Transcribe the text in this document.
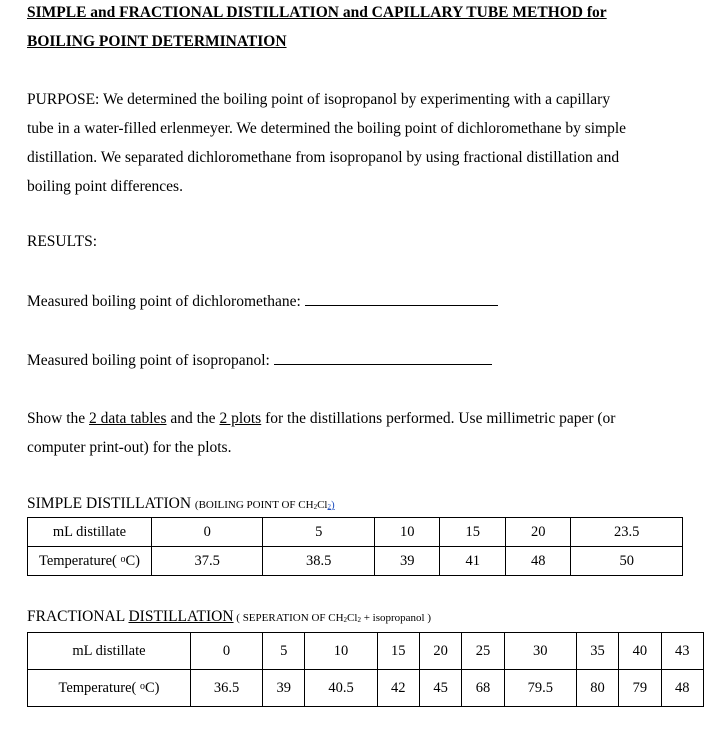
SIMPLE and FRACTIONAL DISTILLATION and CAPILLARY TUBE METHOD for
BOILING POINT DETERMINATION
PURPOSE: We determined the boiling point of isopropanol by experimenting with a capillary
tube in a water-filled erlenmeyer. We determined the boiling point of dichloromethane by simple
distillation. We separated dichloromethane from isopropanol by using fractional distillation and
boiling point differences.
RESULTS:
Measured boiling point of dichloromethane:
Measured boiling point of isopropanol:
Show the 2 data tables and the 2 plots for the distillations performed. Use millimetric paper (or
computer print-out) for the plots.
SIMPLE DISTILLATION (BOILING POINT OF CH2Cl2)
mL distillate	0	5	10	15	20	23.5
Temperature( $^o$C)	37.5	38.5	39	41	48	50
FRACTIONAL DISTILLATION ( SEPERATION OF CH2Cl2 + isopropanol )
mL distillate	0	5	10	15	20	25	30	35	40	43
Temperature( $^o$C)	36.5	39	40.5	42	45	68	79.5	80	79	48
